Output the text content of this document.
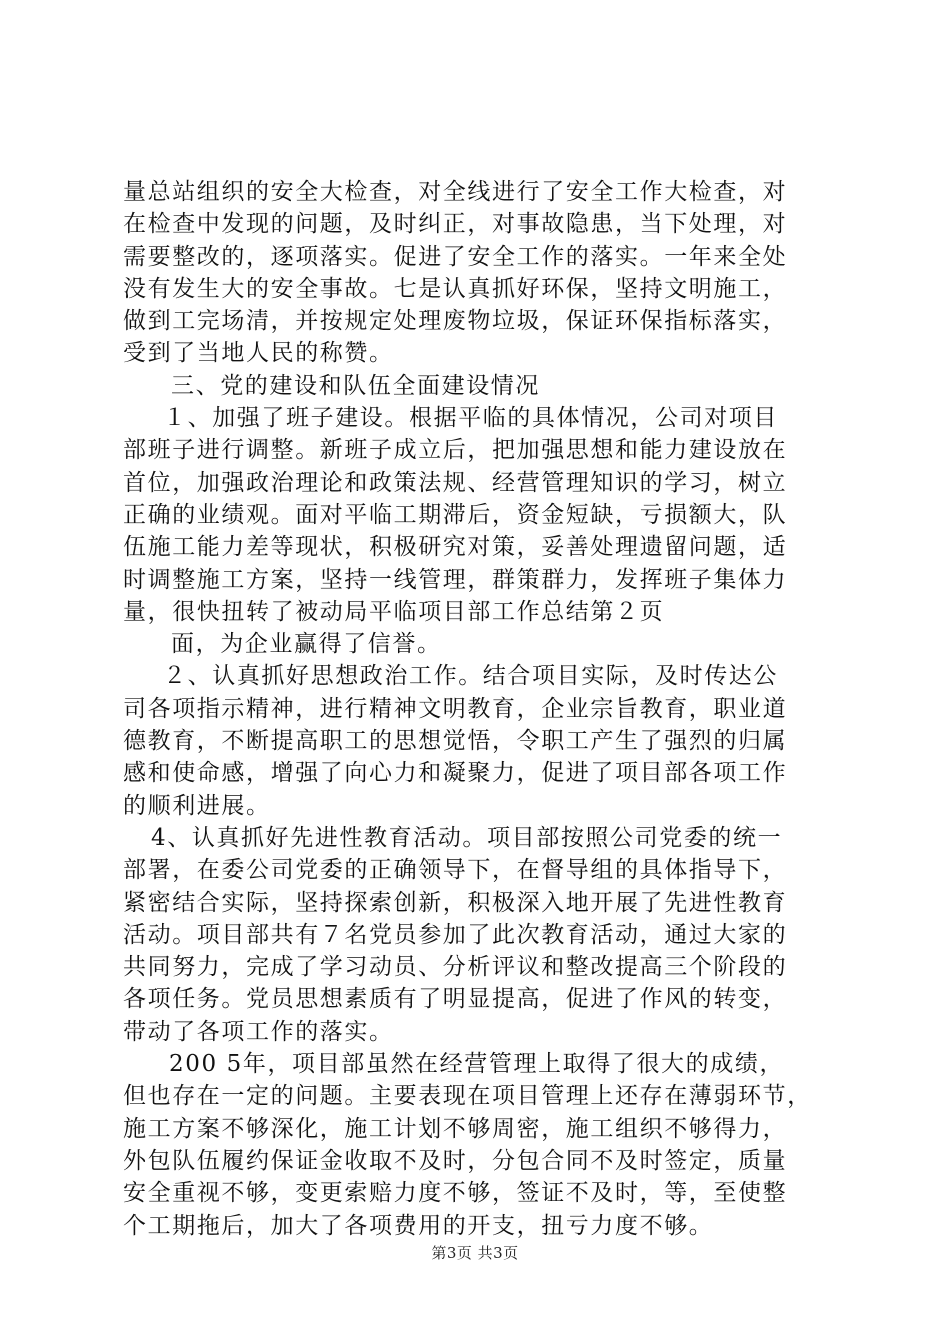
量总站组织的安全大检查，对全线进行了安全工作大检查，对
在检查中发现的问题，及时纠正，对事故隐患，当下处理，对
需要整改的，逐项落实。促进了安全工作的落实。一年来全处
没有发生大的安全事故。七是认真抓好环保，坚持文明施工，
做到工完场清，并按规定处理废物垃圾，保证环保指标落实，
受到了当地人民的称赞。
三、党的建设和队伍全面建设情况
１、加强了班子建设。根据平临的具体情况，公司对项目
部班子进行调整。新班子成立后，把加强思想和能力建设放在
首位，加强政治理论和政策法规、经营管理知识的学习，树立
正确的业绩观。面对平临工期滞后，资金短缺，亏损额大，队
伍施工能力差等现状，积极研究对策，妥善处理遗留问题，适
时调整施工方案，坚持一线管理，群策群力，发挥班子集体力
量，很快扭转了被动局平临项目部工作总结第２页
面，为企业赢得了信誉。
２、认真抓好思想政治工作。结合项目实际，及时传达公
司各项指示精神，进行精神文明教育，企业宗旨教育，职业道
德教育，不断提高职工的思想觉悟，令职工产生了强烈的归属
感和使命感，增强了向心力和凝聚力，促进了项目部各项工作
的顺利进展。
4、认真抓好先进性教育活动。项目部按照公司党委的统一
部署，在委公司党委的正确领导下，在督导组的具体指导下，
紧密结合实际，坚持探索创新，积极深入地开展了先进性教育
活动。项目部共有７名党员参加了此次教育活动，通过大家的
共同努力，完成了学习动员、分析评议和整改提高三个阶段的
各项任务。党员思想素质有了明显提高，促进了作风的转变，
带动了各项工作的落实。
200 5年，项目部虽然在经营管理上取得了很大的成绩，
但也存在一定的问题。主要表现在项目管理上还存在薄弱环节，
施工方案不够深化，施工计划不够周密，施工组织不够得力，
外包队伍履约保证金收取不及时，分包合同不及时签定，质量
安全重视不够，变更索赔力度不够，签证不及时，等，至使整
个工期拖后，加大了各项费用的开支，扭亏力度不够。
第3页 共3页
